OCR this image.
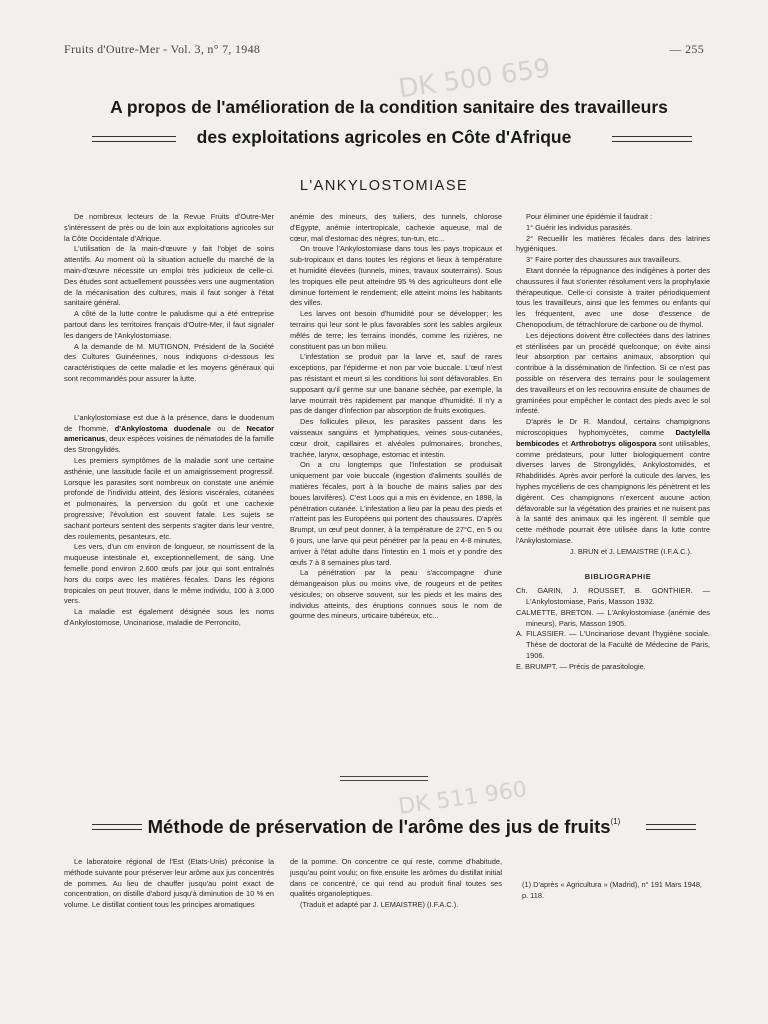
Fruits d'Outre-Mer - Vol. 3, n° 7, 1948	— 255
DK 500 659
A propos de l'amélioration de la condition sanitaire des travailleurs
des exploitations agricoles en Côte d'Afrique
L'ANKYLOSTOMIASE

De nombreux lecteurs de la Revue Fruits d'Outre-Mer s'intéressent de près ou de loin aux exploitations agricoles sur la Côte Occidentale d'Afrique.

L'utilisation de la main-d'œuvre y fait l'objet de soins attentifs. Au moment où la situation actuelle du marché de la main-d'œuvre nécessite un emploi très judicieux de celle-ci. Des études sont actuellement poussées vers une augmentation de la mécanisation des cultures, mais il faut songer à l'état sanitaire général.

A côté de la lutte contre le paludisme qui a été entreprise partout dans les territoires français d'Outre-Mer, il faut signaler les dangers de l'Ankylostomiase.

A la demande de M. MUTIGNON, Président de la Société des Cultures Guinéennes, nous indiquons ci-dessous les caractéristiques de cette maladie et les moyens généraux qui sont recommandés pour assurer la lutte.

L'ankylostomiase est due à la présence, dans le duodenum de l'homme, d'Ankylostoma duodenale ou de Necator americanus, deux espèces voisines de nématodes de la famille des Strongylidés.

Les premiers symptômes de la maladie sont une certaine asthénie, une lassitude facile et un amaigrissement progressif. Lorsque les parasites sont nombreux on constate une anémie profonde de l'individu atteint, des lésions viscérales, cutanées et pulmonaires, la perversion du goût et une cachexie progressive; l'évolution est souvent fatale. Les sujets se sachant porteurs sentent des serpents s'agiter dans leur ventre, des roulements, pesanteurs, etc.

Les vers, d'un cm environ de longueur, se nourrissent de la muqueuse intestinale et, exceptionnellement, de sang. Une femelle pond environ 2.600 œufs par jour qui sont entraînés hors du corps avec les matières fécales. Dans les régions tropicales on peut trouver, dans le même individu, 100 à 3.000 vers.

La maladie est également désignée sous les noms d'Ankylostomose, Uncinariose, maladie de Perroncito,

anémie des mineurs, des tuiliers, des tunnels, chlorose d'Egypte, anémie intertropicale, cachexie aqueuse, mal de cœur, mal d'estomac des nègres, tun-tun, etc...

On trouve l'Ankylostomiase dans tous les pays tropicaux et sub-tropicaux et dans toutes les régions et lieux à température et humidité élevées (tunnels, mines, travaux souterrains). Sous les tropiques elle peut atteindre 95 % des agriculteurs dont elle diminue fortement le rendement; elle atteint moins les habitants des villes.

Les larves ont besoin d'humidité pour se développer; les terrains qui leur sont le plus favorables sont les sables argileux mêlés de terre; les terrains inondés, comme les rizières, ne constituent pas un bon milieu.

L'infestation se produit par la larve et, sauf de rares exceptions, par l'épiderme et non par voie buccale. L'œuf n'est pas résistant et meurt si les conditions lui sont défavorables. En supposant qu'il germe sur une banane séchée, par exemple, la larve mourrait très rapidement par manque d'humidité. Il n'y a pas de danger d'infection par absorption de fruits exotiques.

Des follicules pileux, les parasites passent dans les vaisseaux sanguins et lymphatiques, veines sous-cutanées, cœur droit, capillaires et alvéoles pulmonaires, bronches, trachée, larynx, œsophage, estomac et intestin.

On a cru longtemps que l'infestation se produisait uniquement par voie buccale (ingestion d'aliments souillés de matières fécales, port à la bouche de mains salies par des boues larvifères). C'est Loos qui a mis en évidence, en 1898, la pénétration cutanée. L'infestation a lieu par la peau des pieds et n'atteint pas les Européens qui portent des chaussures. D'après Brumpt, un œuf peut donner, à la température de 27°C, en 5 ou 6 jours, une larve qui peut pénétrer par la peau en 4-8 minutes, arriver à l'état adulte dans l'intestin en 1 mois et y pondre des œufs 7 à 8 semaines plus tard.

La pénétration par la peau s'accompagne d'une démangeaison plus ou moins vive, de rougeurs et de petites vésicules; on observe souvent, sur les pieds et les mains des individus atteints, des éruptions connues sous le nom de gourme des mineurs, urticaire tubéreux, etc...

Pour éliminer une épidémie il faudrait :

1° Guérir les individus parasités.

2° Recueillir les matières fécales dans des latrines hygiéniques.

3° Faire porter des chaussures aux travailleurs.

Etant donnée la répugnance des indigènes à porter des chaussures il faut s'orienter résolument vers la prophylaxie thérapeutique. Celle-ci consiste à traiter périodiquement tous les travailleurs, ainsi que les femmes ou enfants qui les fréquentent, avec une dose d'essence de Chenopodium, de tétrachlorure de carbone ou de thymol.

Les déjections doivent être collectées dans des latrines et stérilisées par un procédé quelconque; on évite ainsi leur absorption par certains animaux, absorption qui contribue à la dissémination de l'infection. Si ce n'est pas possible on réservera des terrains pour le soulagement des travailleurs et on les recouvrira ensuite de chaumes de graminées pour empêcher le contact des pieds avec le sol infesté.

D'après le Dr R. Mandoul, certains champignons microscopiques hyphomycètes, comme Dactylella bembicodes et Arthrobotrys oligospora sont utilisables, comme prédateurs, pour lutter biologiquement contre diverses larves de Strongylidés, Ankylostomidés, et Rhabditidés. Après avoir perforé la cuticule des larves, les hyphes mycéliens de ces champignons les pénètrent et les digèrent. Ces champignons n'exercent aucune action défavorable sur la végétation des prairies et ne nuisent pas à la santé des animaux qui les ingèrent. Il semble que cette méthode pourrait être utilisée dans la lutte contre l'Ankylostomiase.

J. BRUN et J. LEMAISTRE (I.F.A.C.).

BIBLIOGRAPHIE

Ch. GARIN, J. ROUSSET, B. GONTHIER. — L'Ankylostomiase, Paris, Masson 1932.

CALMETTE, BRETON. — L'Ankylostomiase (anémie des mineurs), Paris, Masson 1905.

A. FILASSIER. — L'Uncinariose devant l'hygiène sociale. Thèse de doctorat de la Faculté de Médecine de Paris, 1906.

E. BRUMPT. — Précis de parasitologie.

DK 511 960
Méthode de préservation de l'arôme des jus de fruits$^{(1)}$

Le laboratoire régional de l'Est (Etats-Unis) préconise la méthode suivante pour préserver leur arôme aux jus concentrés de pommes. Au lieu de chauffer jusqu'au point exact de concentration, on distille d'abord jusqu'à diminution de 10 % en volume. Le distillat contient tous les principes aromatiques

de la pomme. On concentre ce qui reste, comme d'habitude, jusqu'au point voulu; on fixe ensuite les arômes du distillat initial dans ce concentré, ce qui rend au produit final toutes ses qualités organoleptiques.

(Traduit et adapté par J. LEMAISTRE) (I.F.A.C.).

(1) D'après « Agricultura » (Madrid), n° 191 Mars 1948, p. 118.
